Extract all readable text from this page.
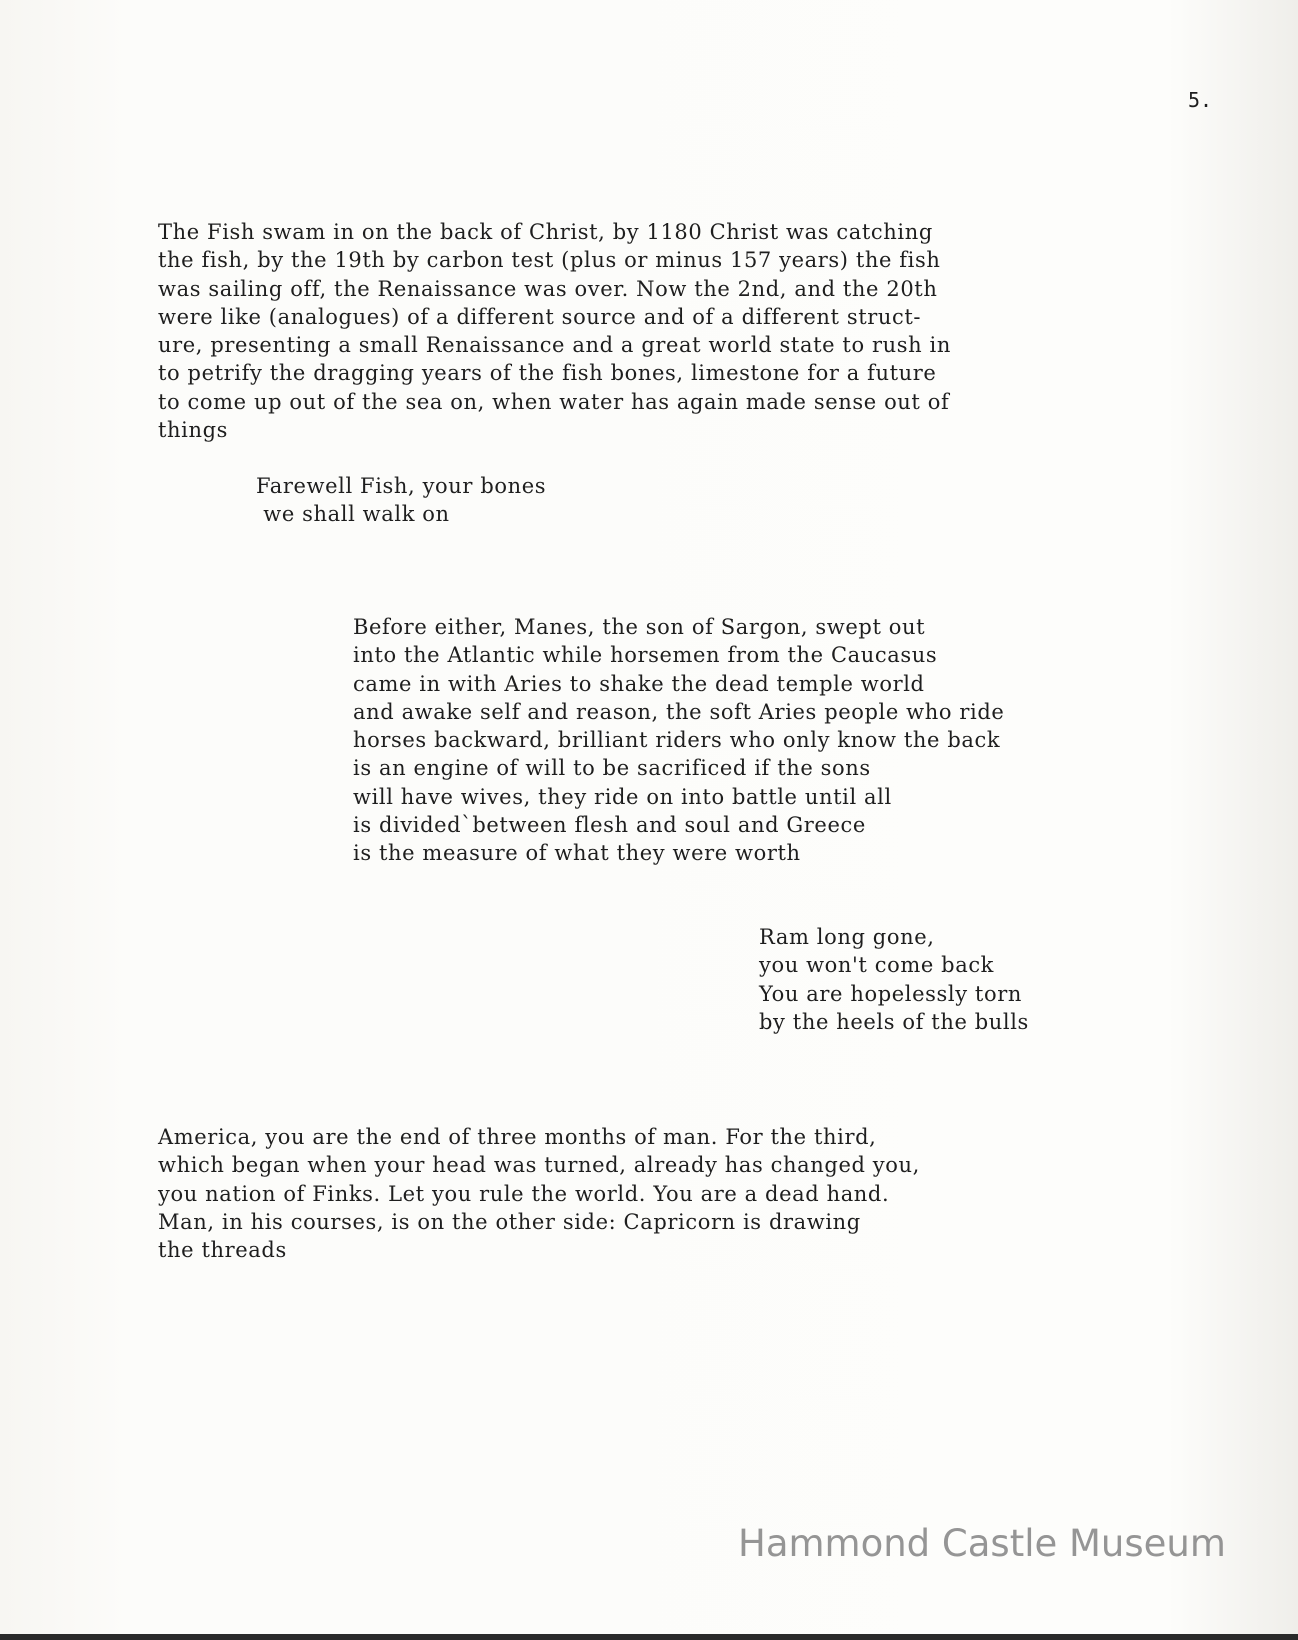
5.

The Fish swam in on the back of Christ, by 1180 Christ was catching
the fish, by the 19th by carbon test (plus or minus 157 years) the fish
was sailing off, the Renaissance was over. Now the 2nd, and the 20th
were like (analogues) of a different source and of a different struct-
ure, presenting a small Renaissance and a great world state to rush in
to petrify the dragging years of the fish bones, limestone for a future
to come up out of the sea on, when water has again made sense out of
things

Farewell Fish, your bones
we shall walk on

Before either, Manes, the son of Sargon, swept out
into the Atlantic while horsemen from the Caucasus
came in with Aries to shake the dead temple world
and awake self and reason, the soft Aries people who ride
horses backward, brilliant riders who only know the back
is an engine of will to be sacrificed if the sons
will have wives, they ride on into battle until all
is divided`between flesh and soul and Greece
is the measure of what they were worth

Ram long gone,
you won't come back
You are hopelessly torn
by the heels of the bulls

America, you are the end of three months of man. For the third,
which began when your head was turned, already has changed you,
you nation of Finks. Let you rule the world. You are a dead hand.
Man, in his courses, is on the other side: Capricorn is drawing
the threads

Hammond Castle Museum
